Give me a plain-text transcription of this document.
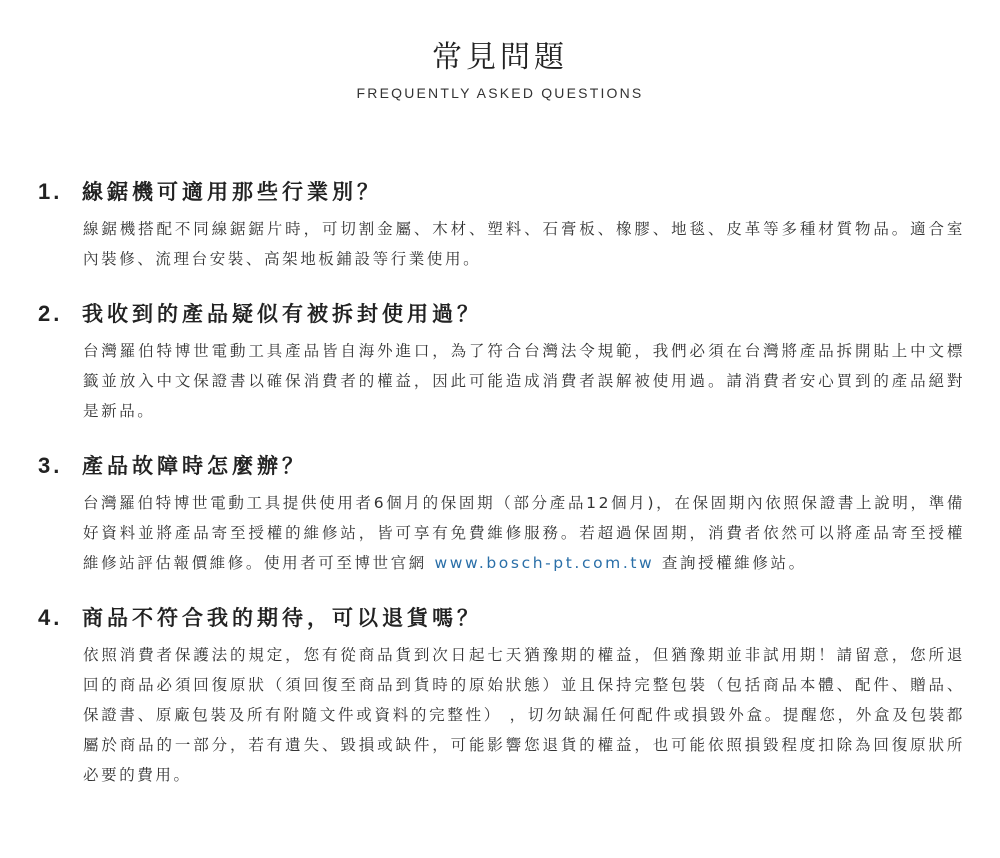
常見問題
FREQUENTLY ASKED QUESTIONS
1. 線鋸機可適用那些行業別？
線鋸機搭配不同線鋸鋸片時，可切割金屬、木材、塑料、石膏板、橡膠、地毯、皮革等多種材質物品。適合室內裝修、流理台安裝、高架地板鋪設等行業使用。
2. 我收到的產品疑似有被拆封使用過？
台灣羅伯特博世電動工具產品皆自海外進口，為了符合台灣法令規範，我們必須在台灣將產品拆開貼上中文標籤並放入中文保證書以確保消費者的權益，因此可能造成消費者誤解被使用過。請消費者安心買到的產品絕對是新品。
3. 產品故障時怎麼辦？
台灣羅伯特博世電動工具提供使用者6個月的保固期（部分產品12個月)，在保固期內依照保證書上說明，準備好資料並將產品寄至授權的維修站，皆可享有免費維修服務。若超過保固期，消費者依然可以將產品寄至授權維修站評估報價維修。使用者可至博世官網 www.bosch-pt.com.tw 查詢授權維修站。
4. 商品不符合我的期待，可以退貨嗎？
依照消費者保護法的規定，您有從商品貨到次日起七天猶豫期的權益，但猶豫期並非試用期！請留意，您所退回的商品必須回復原狀（須回復至商品到貨時的原始狀態）並且保持完整包裝（包括商品本體、配件、贈品、保證書、原廠包裝及所有附隨文件或資料的完整性） ，切勿缺漏任何配件或損毀外盒。提醒您，外盒及包裝都屬於商品的一部分，若有遺失、毀損或缺件，可能影響您退貨的權益，也可能依照損毀程度扣除為回復原狀所必要的費用。
